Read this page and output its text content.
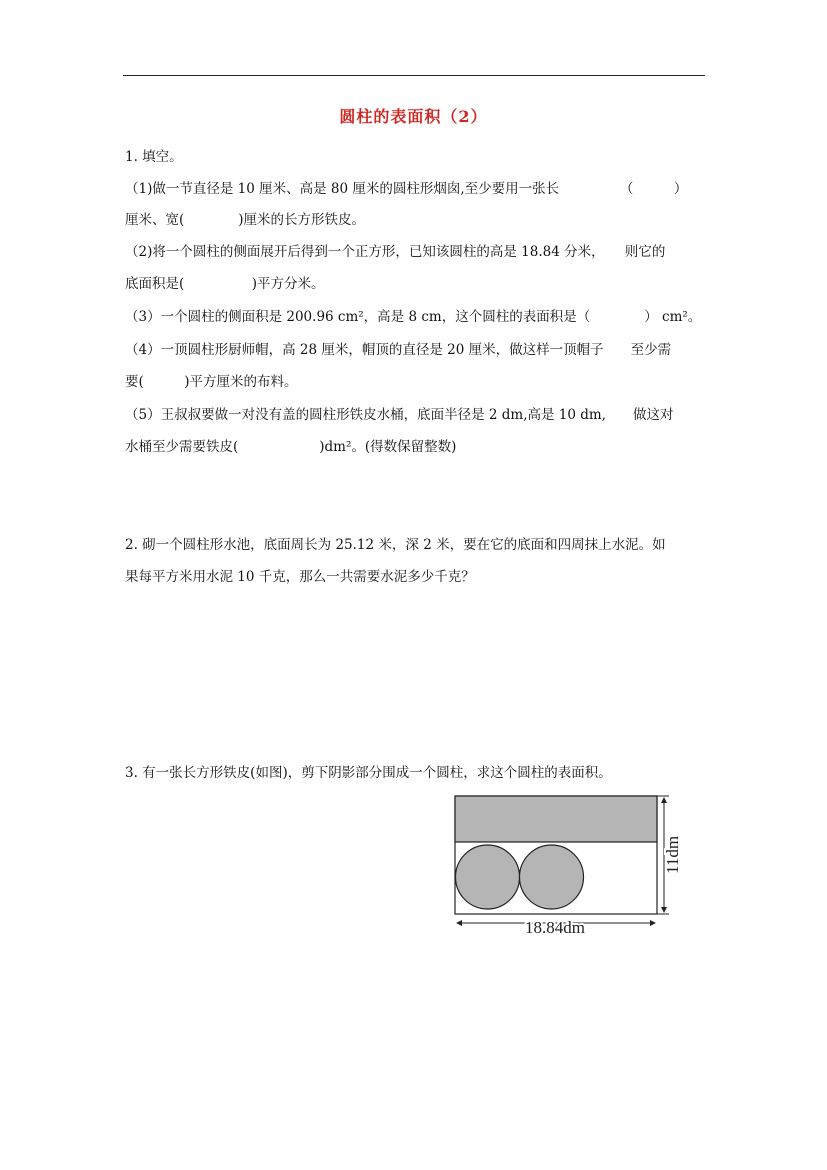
圆柱的表面积（2）
1. 填空。
（1)做一节直径是 10 厘米、高是 80 厘米的圆柱形烟囱,至少要用一张长　　　　　（　　　）
厘米、宽(　　　　)厘米的长方形铁皮。
（2)将一个圆柱的侧面展开后得到一个正方形，已知该圆柱的高是 18.84 分米，　　则它的
底面积是(　　　　　)平方分米。
（3）一个圆柱的侧面积是 200.96 cm²，高是 8 cm，这个圆柱的表面积是（　　　　） cm²。
（4）一顶圆柱形厨师帽，高 28 厘米，帽顶的直径是 20 厘米，做这样一顶帽子　　至少需
要(　　　)平方厘米的布料。
（5）王叔叔要做一对没有盖的圆柱形铁皮水桶，底面半径是 2 dm,高是 10 dm,　　做这对
水桶至少需要铁皮(　　　　　　)dm²。(得数保留整数)
2. 砌一个圆柱形水池，底面周长为 25.12 米，深 2 米，要在它的底面和四周抹上水泥。如
果每平方米用水泥 10 千克，那么一共需要水泥多少千克？
3. 有一张长方形铁皮(如图)，剪下阴影部分围成一个圆柱，求这个圆柱的表面积。
18.84dm
11dm
